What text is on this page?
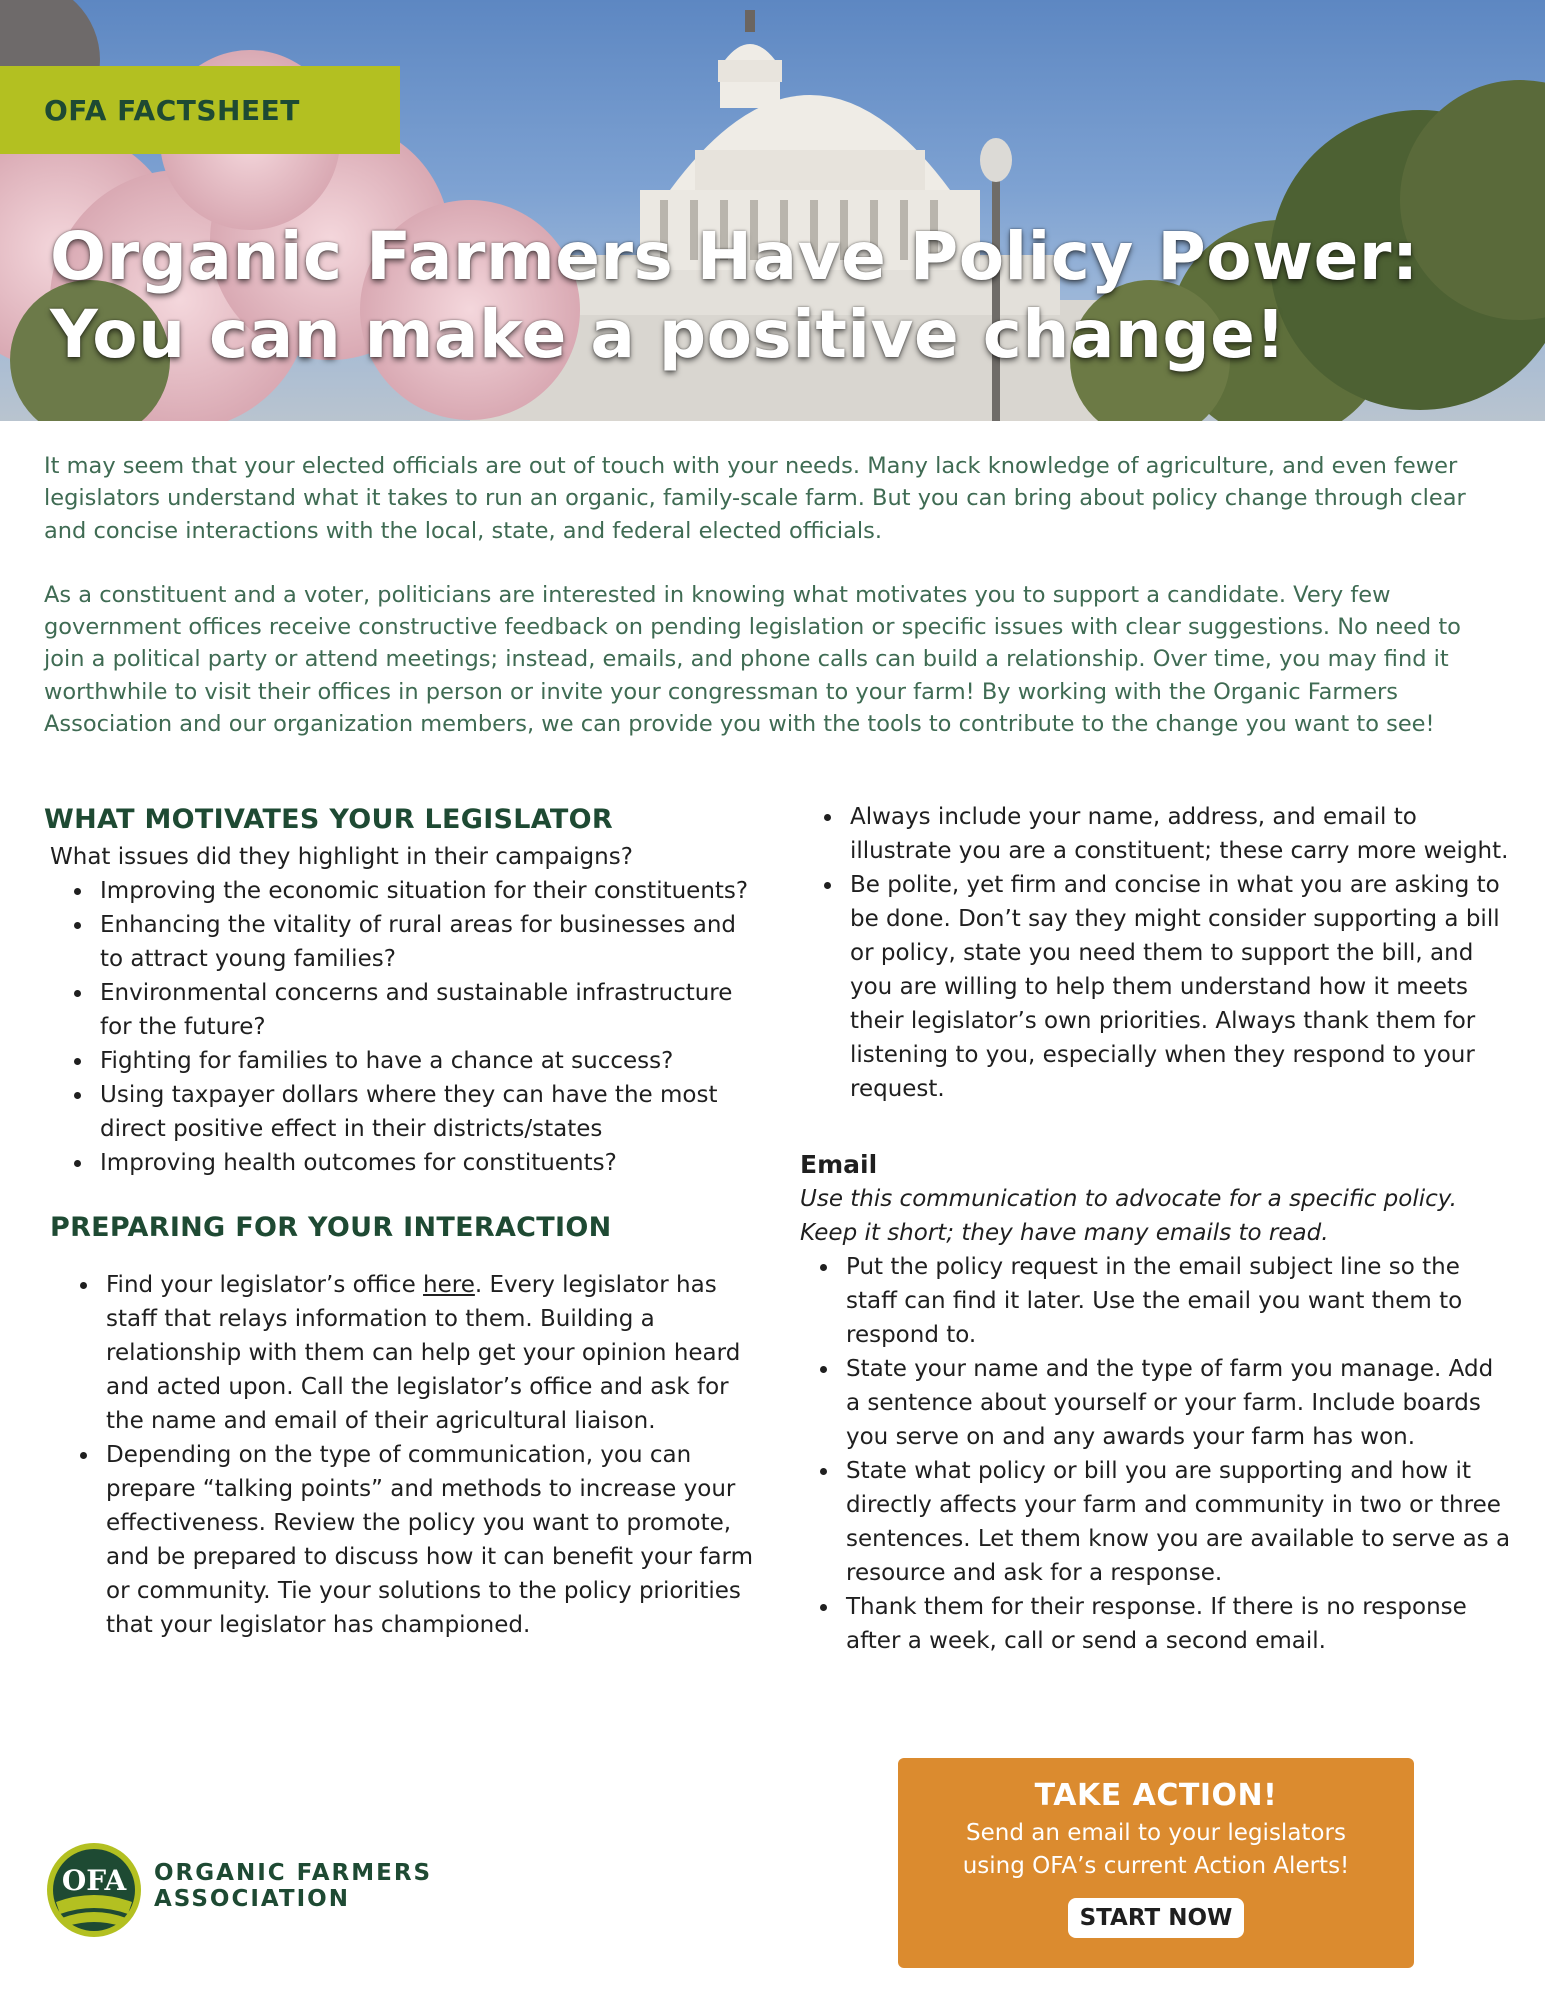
OFA FACTSHEET
Organic Farmers Have Policy Power:
You can make a positive change!

It may seem that your elected officials are out of touch with your needs. Many lack knowledge of agriculture, and even fewer legislators understand what it takes to run an organic, family-scale farm. But you can bring about policy change through clear and concise interactions with the local, state, and federal elected officials.

As a constituent and a voter, politicians are interested in knowing what motivates you to support a candidate. Very few government offices receive constructive feedback on pending legislation or specific issues with clear suggestions. No need to join a political party or attend meetings; instead, emails, and phone calls can build a relationship. Over time, you may find it worthwhile to visit their offices in person or invite your congressman to your farm! By working with the Organic Farmers Association and our organization members, we can provide you with the tools to contribute to the change you want to see!

WHAT MOTIVATES YOUR LEGISLATOR
What issues did they highlight in their campaigns?
Improving the economic situation for their constituents?
Enhancing the vitality of rural areas for businesses and to attract young families?
Environmental concerns and sustainable infrastructure for the future?
Fighting for families to have a chance at success?
Using taxpayer dollars where they can have the most direct positive effect in their districts/states
Improving health outcomes for constituents?
PREPARING FOR YOUR INTERACTION
Find your legislator’s office here. Every legislator has staff that relays information to them. Building a relationship with them can help get your opinion heard and acted upon. Call the legislator’s office and ask for the name and email of their agricultural liaison.
Depending on the type of communication, you can prepare “talking points” and methods to increase your effectiveness. Review the policy you want to promote, and be prepared to discuss how it can benefit your farm or community. Tie your solutions to the policy priorities that your legislator has championed.
Always include your name, address, and email to illustrate you are a constituent; these carry more weight.
Be polite, yet firm and concise in what you are asking to be done. Don’t say they might consider supporting a bill or policy, state you need them to support the bill, and you are willing to help them understand how it meets their legislator’s own priorities. Always thank them for listening to you, especially when they respond to your request.
Email
Use this communication to advocate for a specific policy. Keep it short; they have many emails to read.
Put the policy request in the email subject line so the staff can find it later. Use the email you want them to respond to.
State your name and the type of farm you manage. Add a sentence about yourself or your farm. Include boards you serve on and any awards your farm has won.
State what policy or bill you are supporting and how it directly affects your farm and community in two or three sentences. Let them know you are available to serve as a resource and ask for a response.
Thank them for their response. If there is no response after a week, call or send a second email.
OFA ORGANIC FARMERS
ASSOCIATION
TAKE ACTION!
Send an email to your legislators
using OFA’s current Action Alerts!
START NOW
